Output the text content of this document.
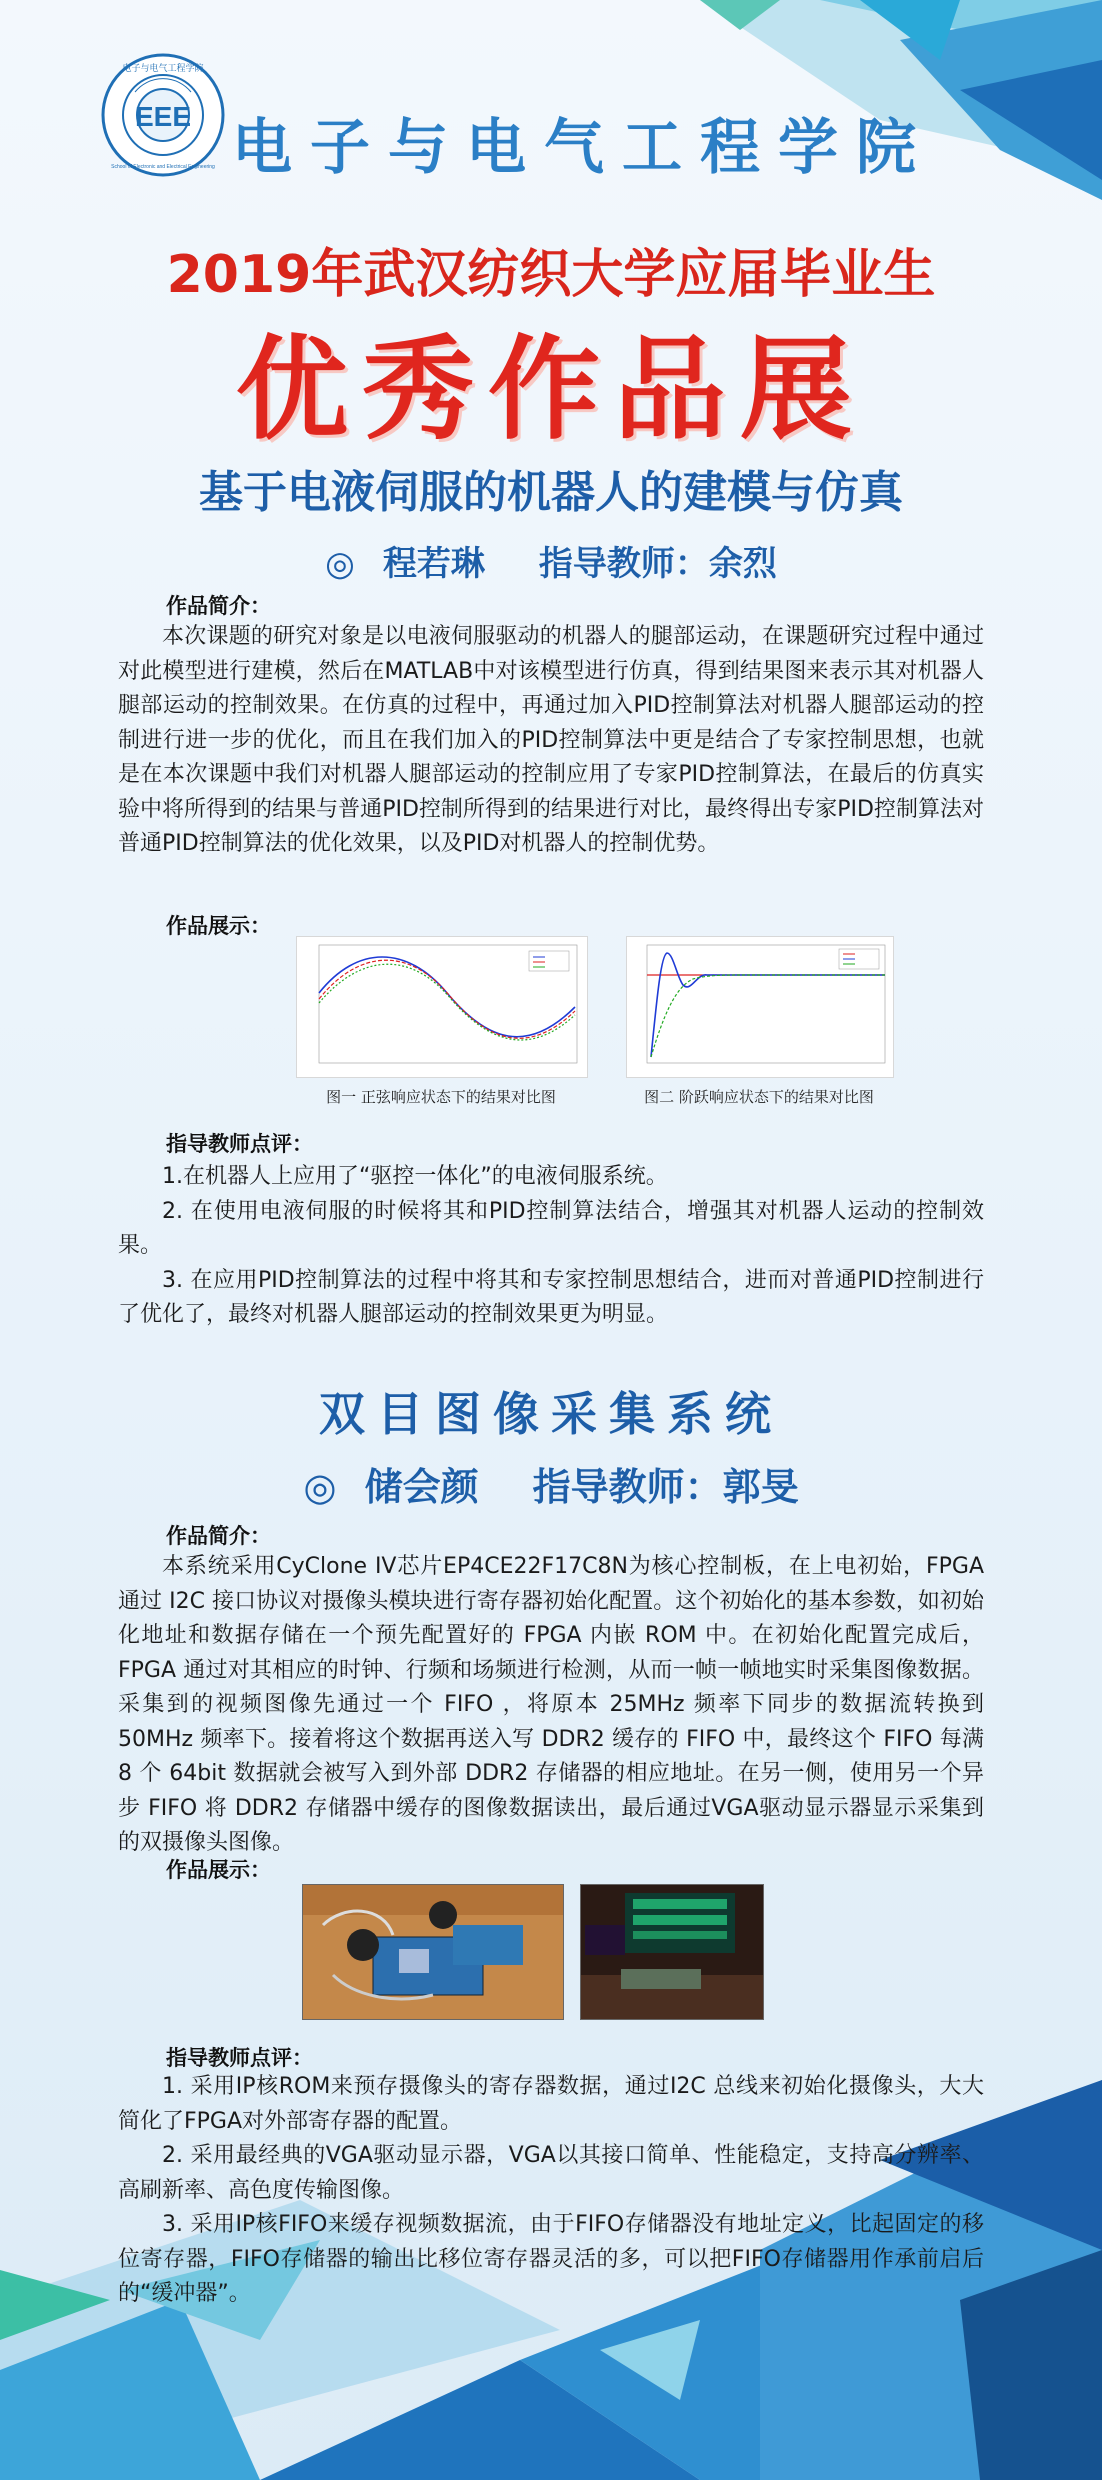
EEE
电子与电气工程学院
School of Electronic and Electrical Engineering 电子与电气工程学院
2019年武汉纺织大学应届毕业生
优秀作品展
基于电液伺服的机器人的建模与仿真
◎ 程若琳 指导教师：余烈
作品简介：

本次课题的研究对象是以电液伺服驱动的机器人的腿部运动，在课题研究过程中通过对此模型进行建模，然后在MATLAB中对该模型进行仿真，得到结果图来表示其对机器人腿部运动的控制效果。在仿真的过程中，再通过加入PID控制算法对机器人腿部运动的控制进行进一步的优化，而且在我们加入的PID控制算法中更是结合了专家控制思想，也就是在本次课题中我们对机器人腿部运动的控制应用了专家PID控制算法，在最后的仿真实验中将所得到的结果与普通PID控制所得到的结果进行对比，最终得出专家PID控制算法对普通PID控制算法的优化效果，以及PID对机器人的控制优势。

作品展示：
图一 正弦响应状态下的结果对比图	图二 阶跃响应状态下的结果对比图
指导教师点评：

1.在机器人上应用了“驱控一体化”的电液伺服系统。

2. 在使用电液伺服的时候将其和PID控制算法结合，增强其对机器人运动的控制效果。

3. 在应用PID控制算法的过程中将其和专家控制思想结合，进而对普通PID控制进行了优化了，最终对机器人腿部运动的控制效果更为明显。

双目图像采集系统
◎ 储会颜 指导教师：郭旻
作品简介：

本系统采用CyClone IV芯片EP4CE22F17C8N为核心控制板，在上电初始，FPGA 通过 I2C 接口协议对摄像头模块进行寄存器初始化配置。这个初始化的基本参数，如初始化地址和数据存储在一个预先配置好的 FPGA 内嵌 ROM 中。在初始化配置完成后， FPGA 通过对其相应的时钟、行频和场频进行检测，从而一帧一帧地实时采集图像数据。采集到的视频图像先通过一个 FIFO ，将原本 25MHz 频率下同步的数据流转换到 50MHz 频率下。接着将这个数据再送入写 DDR2 缓存的 FIFO 中，最终这个 FIFO 每满 8 个 64bit 数据就会被写入到外部 DDR2 存储器的相应地址。在另一侧，使用另一个异步 FIFO 将 DDR2 存储器中缓存的图像数据读出，最后通过VGA驱动显示器显示采集到的双摄像头图像。

作品展示：
指导教师点评：

1. 采用IP核ROM来预存摄像头的寄存器数据，通过I2C 总线来初始化摄像头，大大简化了FPGA对外部寄存器的配置。

2. 采用最经典的VGA驱动显示器，VGA以其接口简单、性能稳定，支持高分辨率、高刷新率、高色度传输图像。

3. 采用IP核FIFO来缓存视频数据流，由于FIFO存储器没有地址定义，比起固定的移位寄存器，FIFO存储器的输出比移位寄存器灵活的多，可以把FIFO存储器用作承前启后的“缓冲器”。
